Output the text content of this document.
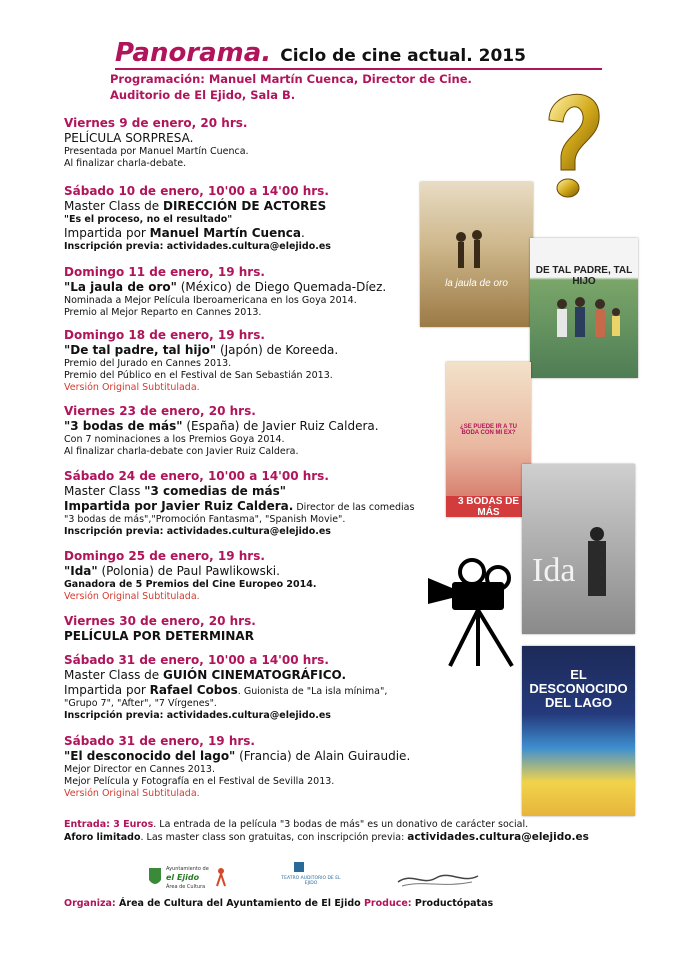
Panorama. Ciclo de cine actual. 2015
Programación: Manuel Martín Cuenca, Director de Cine.
Auditorio de El Ejido, Sala B.
Viernes 9 de enero, 20 hrs.
PELÍCULA SORPRESA.
Presentada por Manuel Martín Cuenca.
Al finalizar charla-debate.
Sábado 10 de enero, 10'00 a 14'00 hrs.
Master Class de DIRECCIÓN DE ACTORES
"Es el proceso, no el resultado"
Impartida por Manuel Martín Cuenca.
Inscripción previa: actividades.cultura@elejido.es
Domingo 11 de enero, 19 hrs.
"La jaula de oro" (México) de Diego Quemada-Díez.
Nominada a Mejor Película Iberoamericana en los Goya 2014.
Premio al Mejor Reparto en Cannes 2013.
Domingo 18 de enero, 19 hrs.
"De tal padre, tal hijo" (Japón) de Koreeda.
Premio del Jurado en Cannes 2013.
Premio del Público en el Festival de San Sebastián 2013.
Versión Original Subtitulada.
Viernes 23 de enero, 20 hrs.
"3 bodas de más" (España) de Javier Ruiz Caldera.
Con 7 nominaciones a los Premios Goya 2014.
Al finalizar charla-debate con Javier Ruiz Caldera.
Sábado 24 de enero, 10'00 a 14'00 hrs.
Master Class "3 comedias de más"
Impartida por Javier Ruiz Caldera. Director de las comedias
"3 bodas de más","Promoción Fantasma", "Spanish Movie".
Inscripción previa: actividades.cultura@elejido.es
Domingo 25 de enero, 19 hrs.
"Ida" (Polonia) de Paul Pawlikowski.
Ganadora de 5 Premios del Cine Europeo 2014.
Versión Original Subtitulada.
Viernes 30 de enero, 20 hrs.
PELÍCULA POR DETERMINAR
Sábado 31 de enero, 10'00 a 14'00 hrs.
Master Class de GUIÓN CINEMATOGRÁFICO.
Impartida por Rafael Cobos. Guionista de "La isla mínima",
"Grupo 7", "After", "7 Vírgenes".
Inscripción previa: actividades.cultura@elejido.es
Sábado 31 de enero, 19 hrs.
"El desconocido del lago" (Francia) de Alain Guiraudie.
Mejor Director en Cannes 2013.
Mejor Película y Fotografía en el Festival de Sevilla 2013.
Versión Original Subtitulada.
la jaula de oro
DE TAL PADRE, TAL HIJO
¿SE PUEDE IR A TU BODA CON MI EX?
3 BODAS DE MÁS
Ida
EL DESCONOCIDO DEL LAGO
Entrada: 3 Euros. La entrada de la película "3 bodas de más" es un donativo de carácter social.
Aforo limitado. Las master class son gratuitas, con inscripción previa: actividades.cultura@elejido.es
Ayuntamiento de
el Ejido
Área de Cultura
TEATRO AUDITORIO DE EL EJIDO
Organiza: Área de Cultura del Ayuntamiento de El Ejido Produce: Productópatas
